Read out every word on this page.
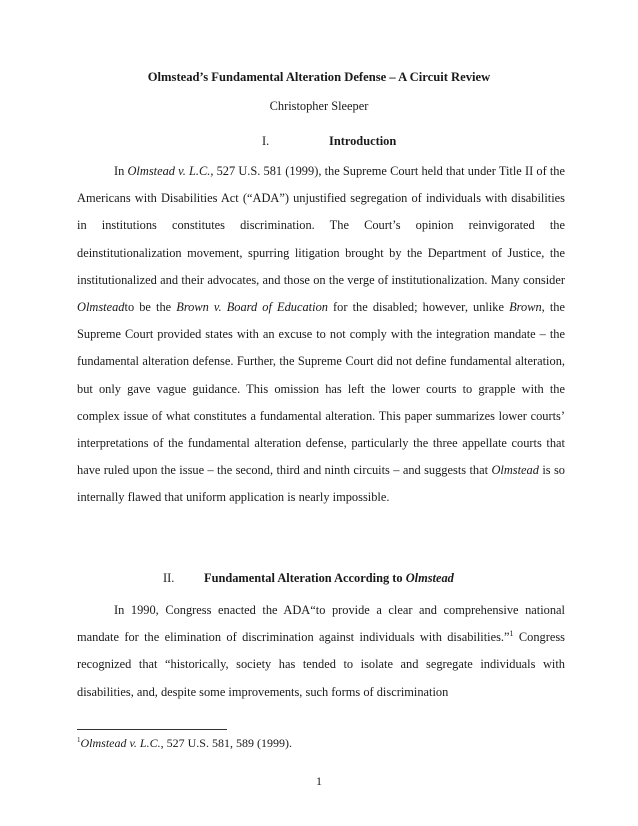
Olmstead’s Fundamental Alteration Defense – A Circuit Review
Christopher Sleeper
I.	Introduction

In Olmstead v. L.C., 527 U.S. 581 (1999), the Supreme Court held that under Title II of the Americans with Disabilities Act (“ADA”) unjustified segregation of individuals with disabilities in institutions constitutes discrimination. The Court’s opinion reinvigorated the deinstitutionalization movement, spurring litigation brought by the Department of Justice, the institutionalized and their advocates, and those on the verge of institutionalization. Many consider Olmsteadto be the Brown v. Board of Education for the disabled; however, unlike Brown, the Supreme Court provided states with an excuse to not comply with the integration mandate – the fundamental alteration defense. Further, the Supreme Court did not define fundamental alteration, but only gave vague guidance. This omission has left the lower courts to grapple with the complex issue of what constitutes a fundamental alteration. This paper summarizes lower courts’ interpretations of the fundamental alteration defense, particularly the three appellate courts that have ruled upon the issue – the second, third and ninth circuits – and suggests that Olmstead is so internally flawed that uniform application is nearly impossible.

II. Fundamental Alteration According to Olmstead

In 1990, Congress enacted the ADA“to provide a clear and comprehensive national mandate for the elimination of discrimination against individuals with disabilities.”$^1$ Congress recognized that “historically, society has tended to isolate and segregate individuals with disabilities, and, despite some improvements, such forms of discrimination

$^1$Olmstead v. L.C., 527 U.S. 581, 589 (1999).
1
